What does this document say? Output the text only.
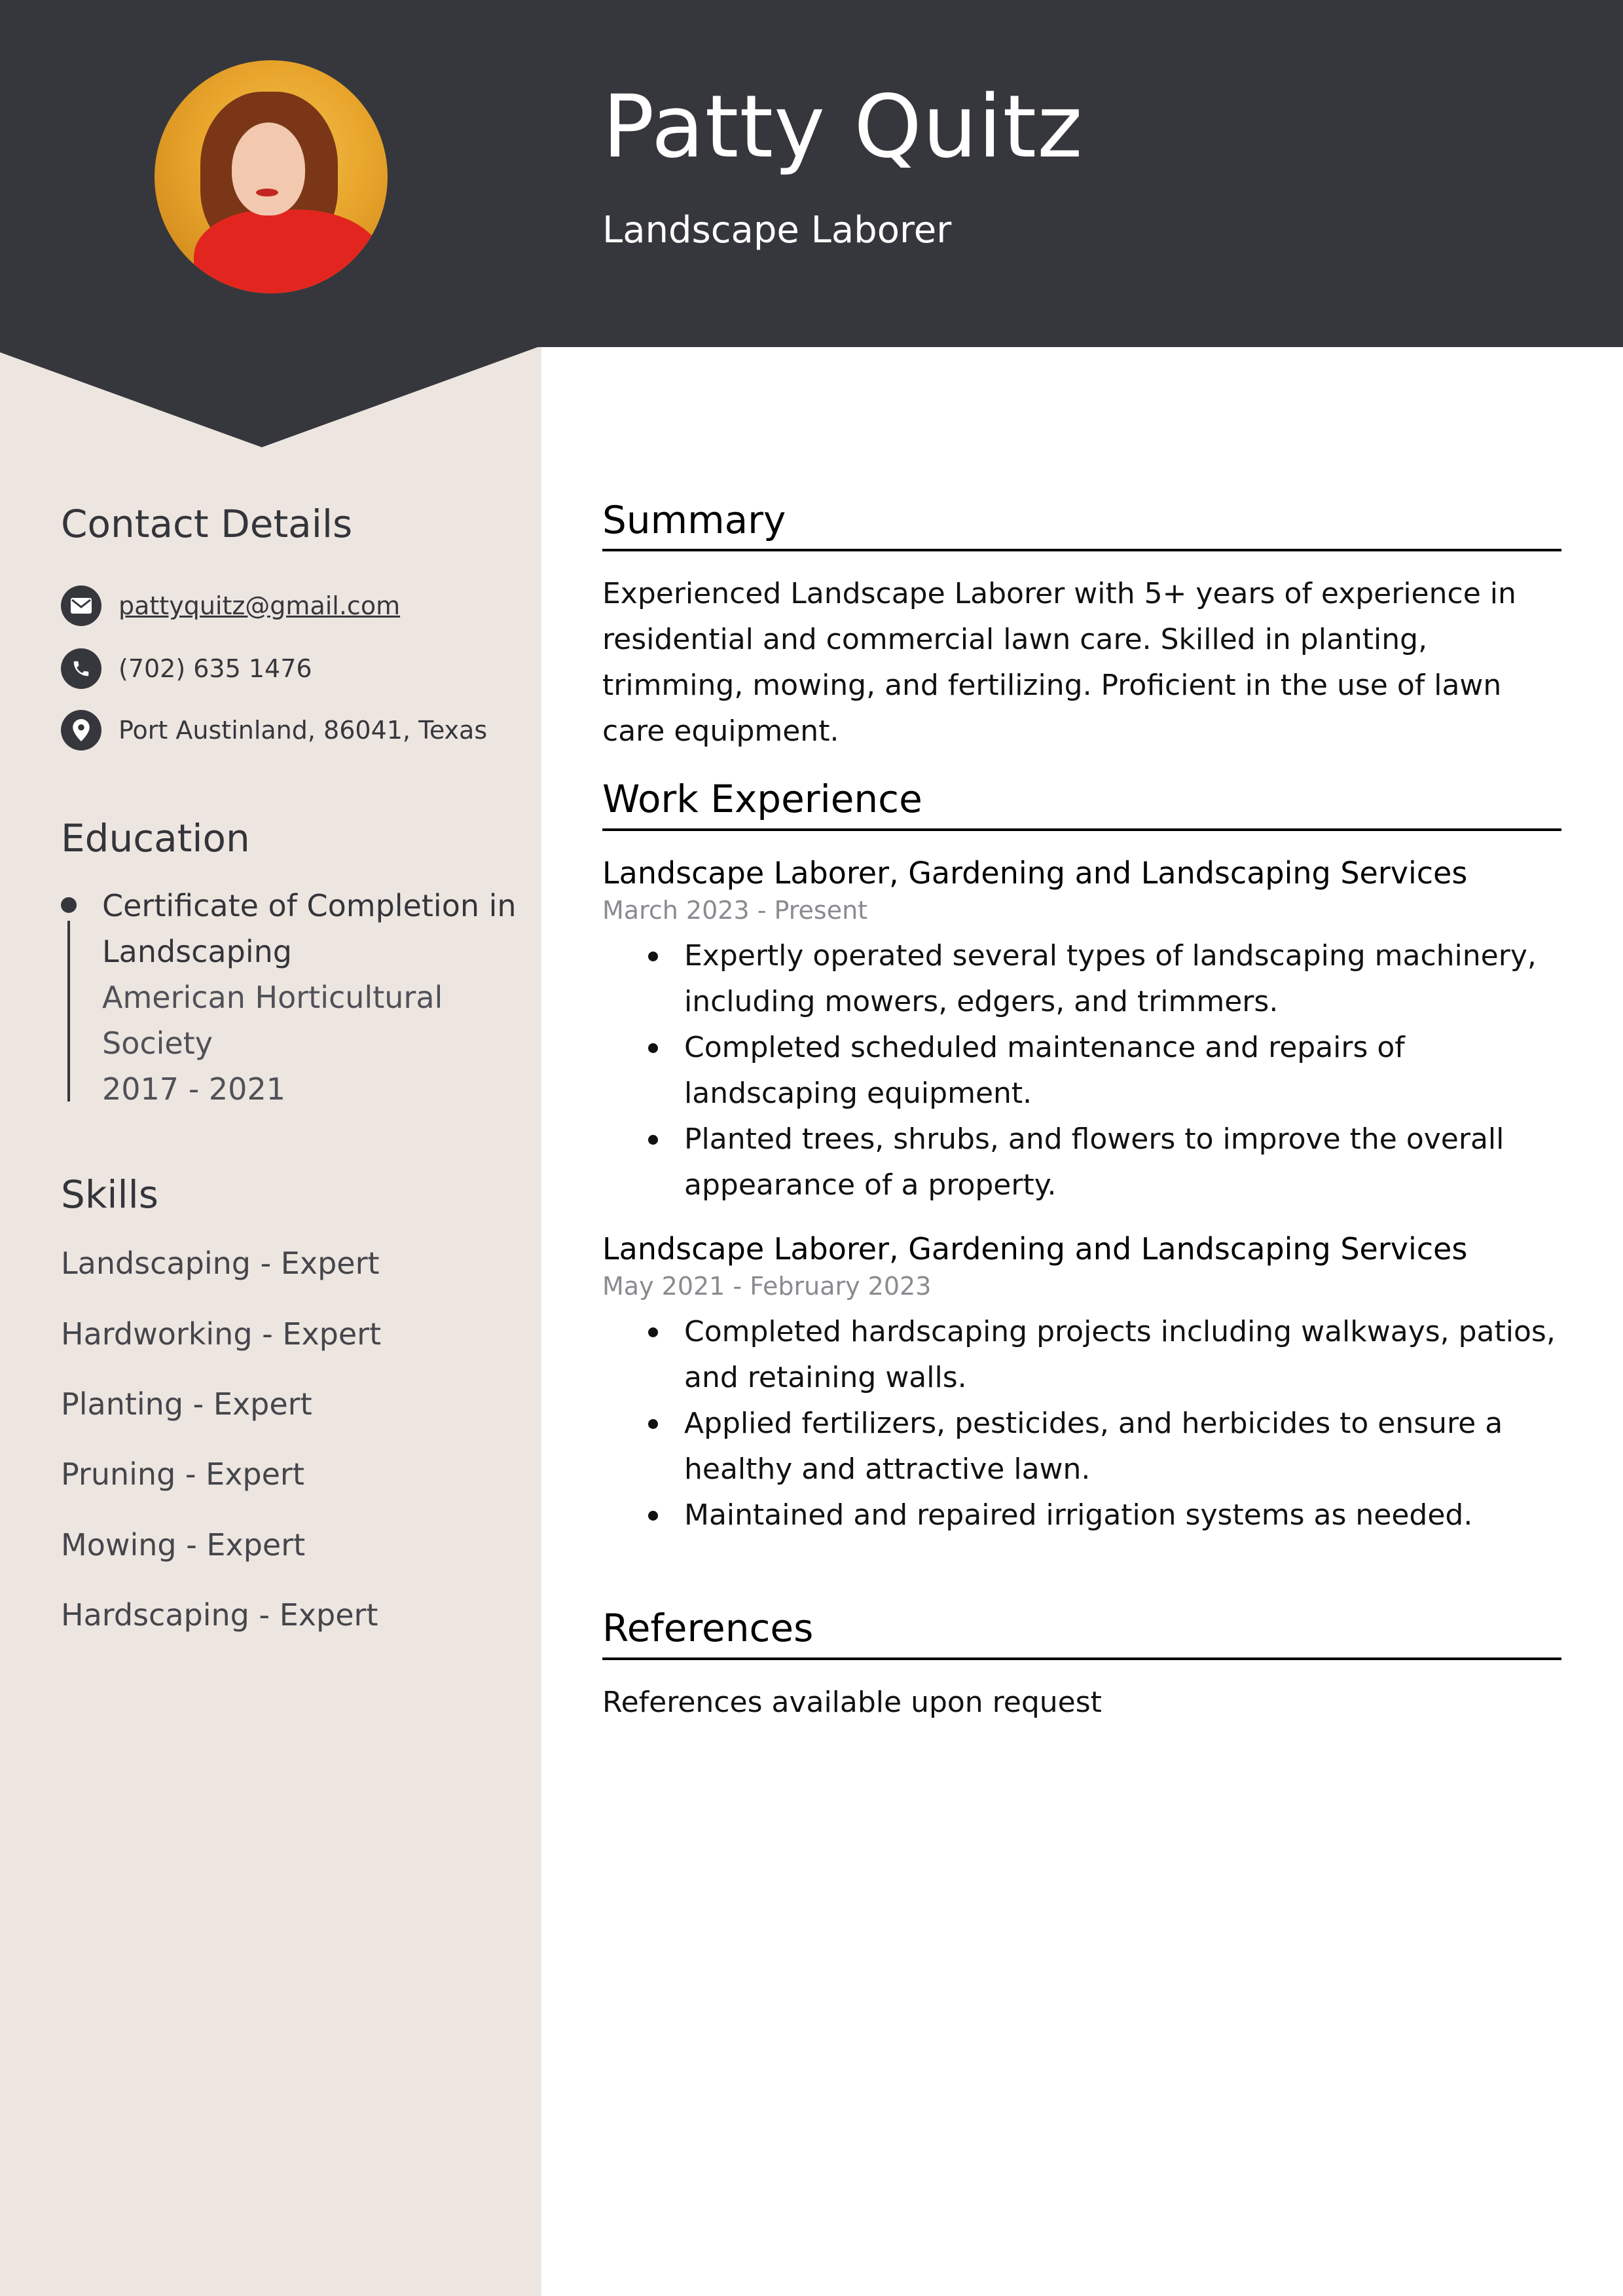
Patty Quitz
Landscape Laborer
Contact Details
pattyquitz@gmail.com
(702) 635 1476
Port Austinland, 86041, Texas
Education
Certificate of Completion in Landscaping
American Horticultural Society
2017 - 2021
Skills
Landscaping - Expert
Hardworking - Expert
Planting - Expert
Pruning - Expert
Mowing - Expert
Hardscaping - Expert
Summary

Experienced Landscape Laborer with 5+ years of experience in residential and commercial lawn care. Skilled in planting, trimming, mowing, and fertilizing. Proficient in the use of lawn care equipment.

Work Experience
Landscape Laborer, Gardening and Landscaping Services
March 2023 - Present
Expertly operated several types of landscaping machinery, including mowers, edgers, and trimmers.
Completed scheduled maintenance and repairs of landscaping equipment.
Planted trees, shrubs, and flowers to improve the overall appearance of a property.
Landscape Laborer, Gardening and Landscaping Services
May 2021 - February 2023
Completed hardscaping projects including walkways, patios, and retaining walls.
Applied fertilizers, pesticides, and herbicides to ensure a healthy and attractive lawn.
Maintained and repaired irrigation systems as needed.
References

References available upon request
